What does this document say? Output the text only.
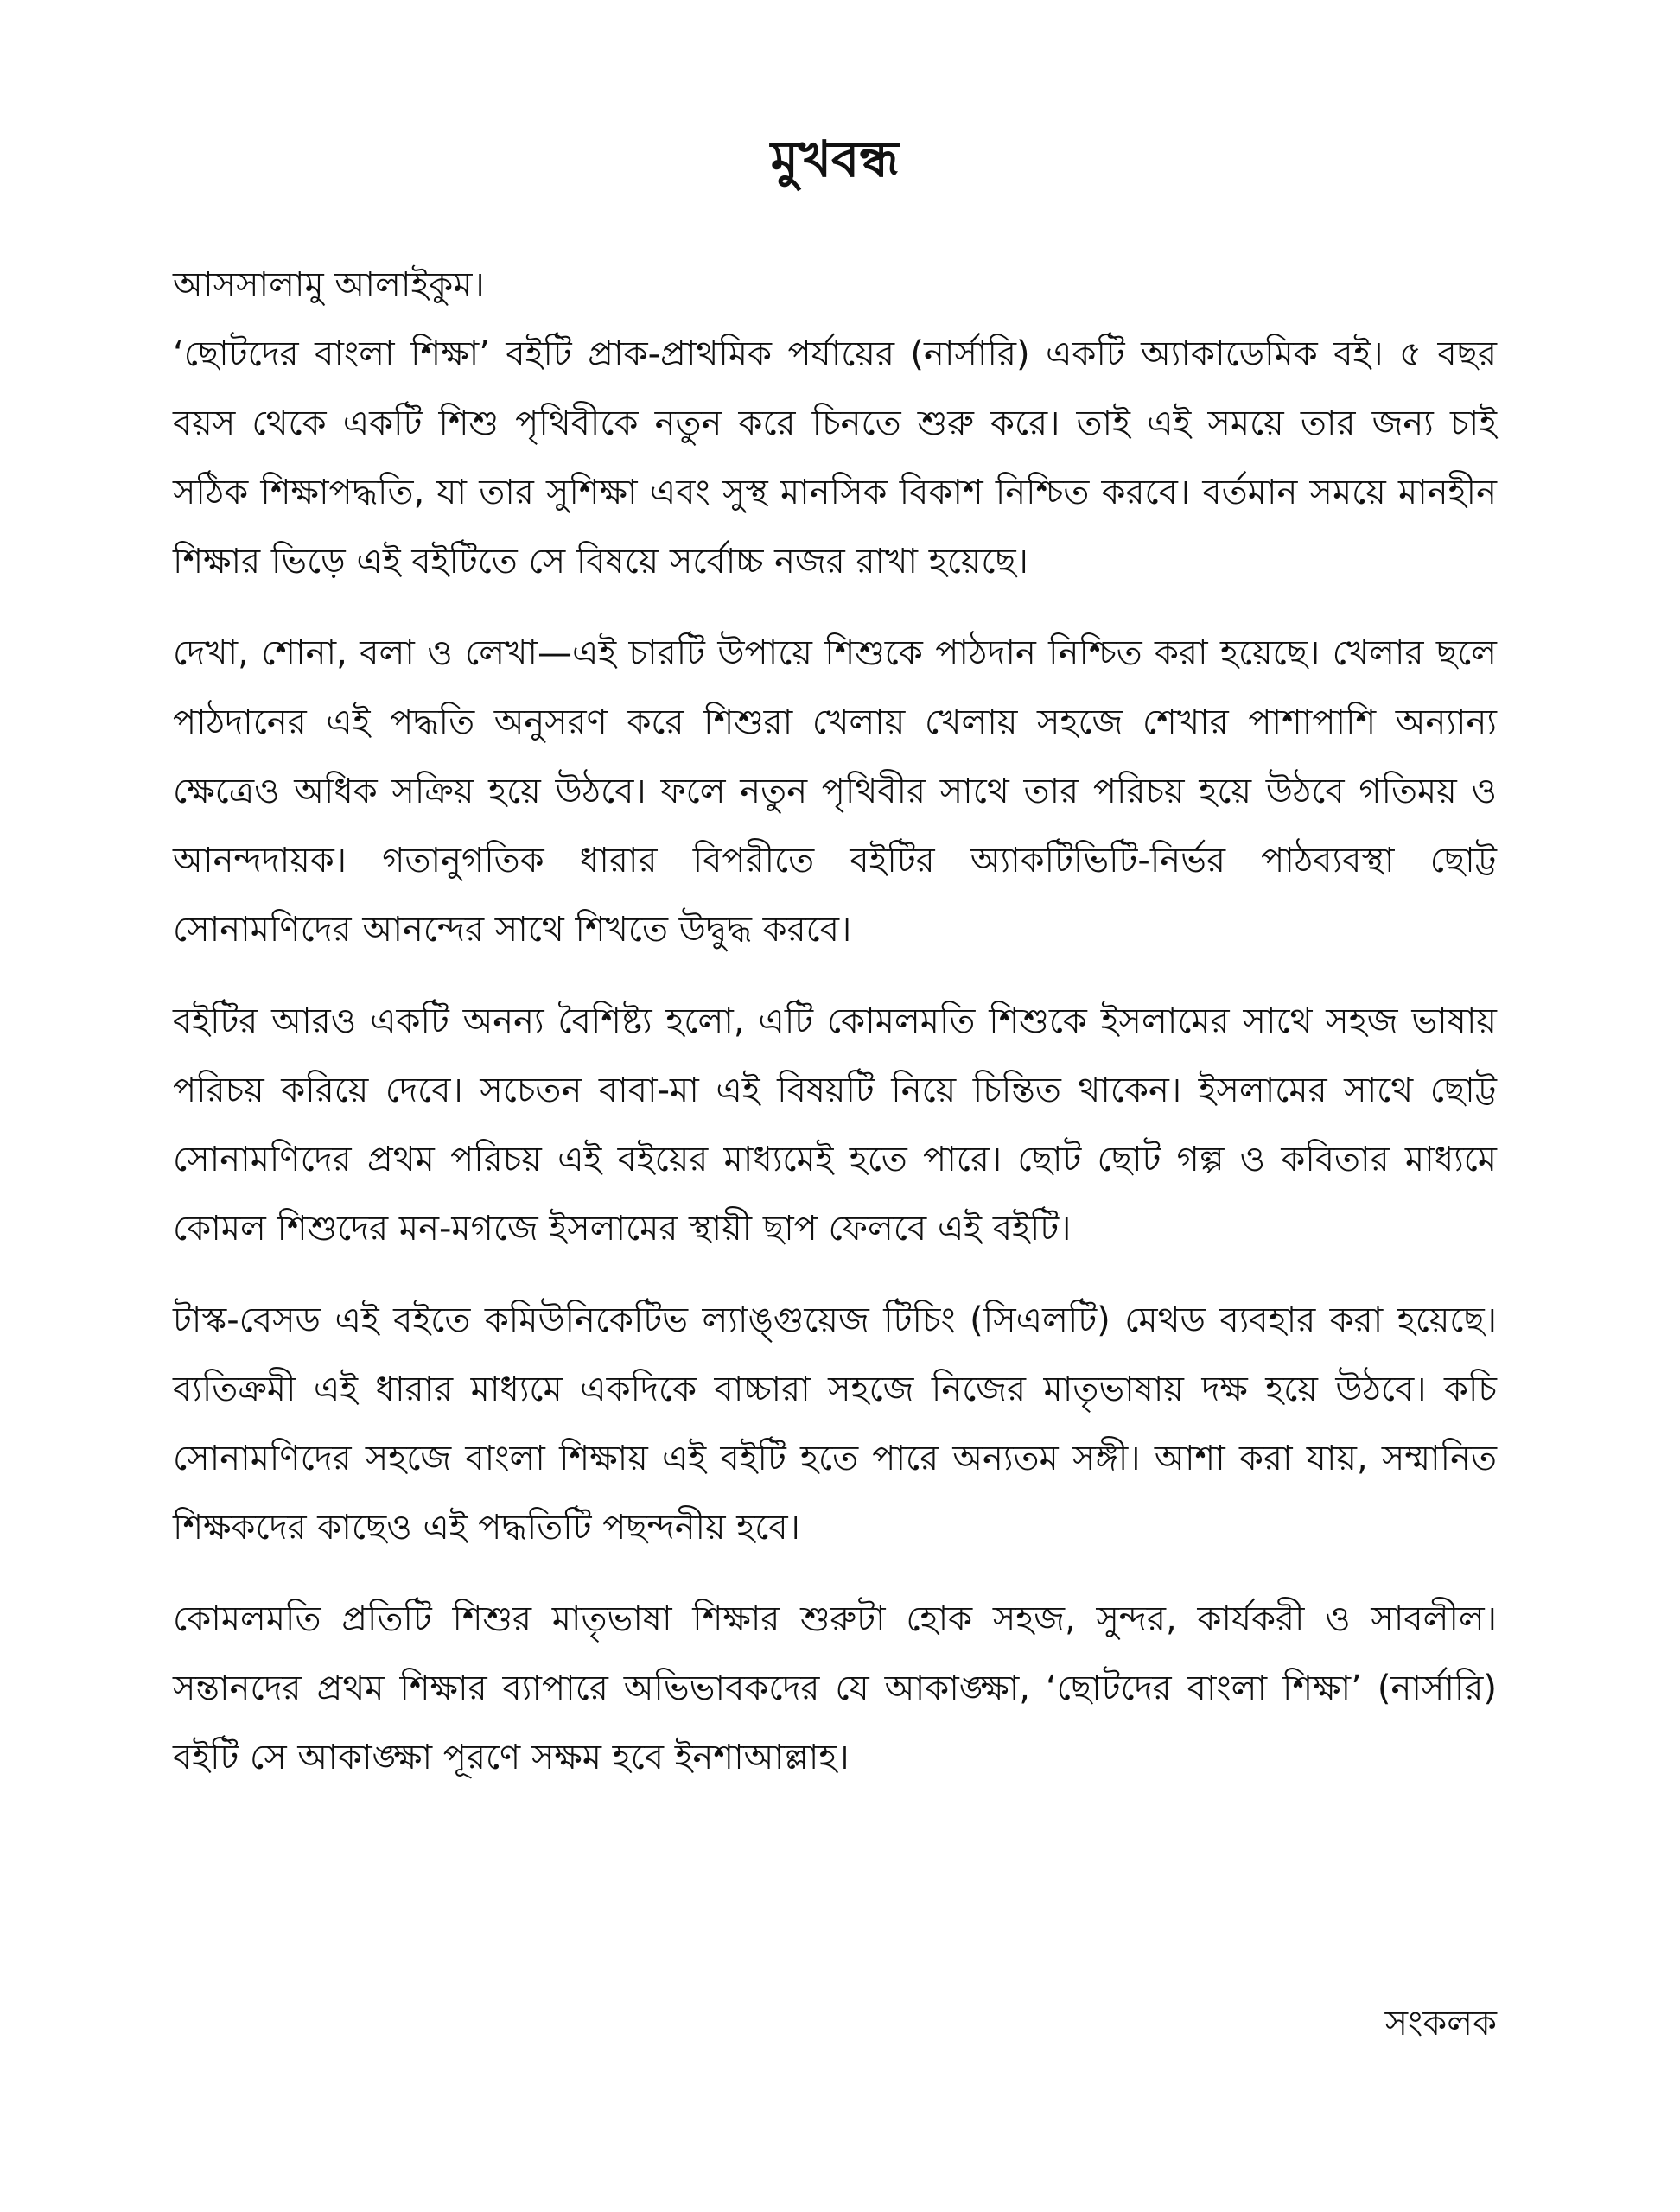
মুখবন্ধ

আসসালামু আলাইকুম।

‘ছোটদের বাংলা শিক্ষা’ বইটি প্রাক-প্রাথমিক পর্যায়ের (নার্সারি) একটি অ্যাকাডেমিক বই। ৫ বছর বয়স থেকে একটি শিশু পৃথিবীকে নতুন করে চিনতে শুরু করে। তাই এই সময়ে তার জন্য চাই সঠিক শিক্ষাপদ্ধতি, যা তার সুশিক্ষা এবং সুস্থ মানসিক বিকাশ নিশ্চিত করবে। বর্তমান সময়ে মানহীন শিক্ষার ভিড়ে এই বইটিতে সে বিষয়ে সর্বোচ্চ নজর রাখা হয়েছে।

দেখা, শোনা, বলা ও লেখা—এই চারটি উপায়ে শিশুকে পাঠদান নিশ্চিত করা হয়েছে। খেলার ছলে পাঠদানের এই পদ্ধতি অনুসরণ করে শিশুরা খেলায় খেলায় সহজে শেখার পাশাপাশি অন্যান্য ক্ষেত্রেও অধিক সক্রিয় হয়ে উঠবে। ফলে নতুন পৃথিবীর সাথে তার পরিচয় হয়ে উঠবে গতিময় ও আনন্দদায়ক। গতানুগতিক ধারার বিপরীতে বইটির অ্যাকটিভিটি-নির্ভর পাঠব্যবস্থা ছোট্ট সোনামণিদের আনন্দের সাথে শিখতে উদ্বুদ্ধ করবে।

বইটির আরও একটি অনন্য বৈশিষ্ট্য হলো, এটি কোমলমতি শিশুকে ইসলামের সাথে সহজ ভাষায় পরিচয় করিয়ে দেবে। সচেতন বাবা-মা এই বিষয়টি নিয়ে চিন্তিত থাকেন। ইসলামের সাথে ছোট্ট সোনামণিদের প্রথম পরিচয় এই বইয়ের মাধ্যমেই হতে পারে। ছোট ছোট গল্প ও কবিতার মাধ্যমে কোমল শিশুদের মন-মগজে ইসলামের স্থায়ী ছাপ ফেলবে এই বইটি।

টাস্ক-বেসড এই বইতে কমিউনিকেটিভ ল্যাঙ্গুয়েজ টিচিং (সিএলটি) মেথড ব্যবহার করা হয়েছে। ব্যতিক্রমী এই ধারার মাধ্যমে একদিকে বাচ্চারা সহজে নিজের মাতৃভাষায় দক্ষ হয়ে উঠবে। কচি সোনামণিদের সহজে বাংলা শিক্ষায় এই বইটি হতে পারে অন্যতম সঙ্গী। আশা করা যায়, সম্মানিত শিক্ষকদের কাছেও এই পদ্ধতিটি পছন্দনীয় হবে।

কোমলমতি প্রতিটি শিশুর মাতৃভাষা শিক্ষার শুরুটা হোক সহজ, সুন্দর, কার্যকরী ও সাবলীল। সন্তানদের প্রথম শিক্ষার ব্যাপারে অভিভাবকদের যে আকাঙ্ক্ষা, ‘ছোটদের বাংলা শিক্ষা’ (নার্সারি) বইটি সে আকাঙ্ক্ষা পূরণে সক্ষম হবে ইনশাআল্লাহ।

সংকলক
